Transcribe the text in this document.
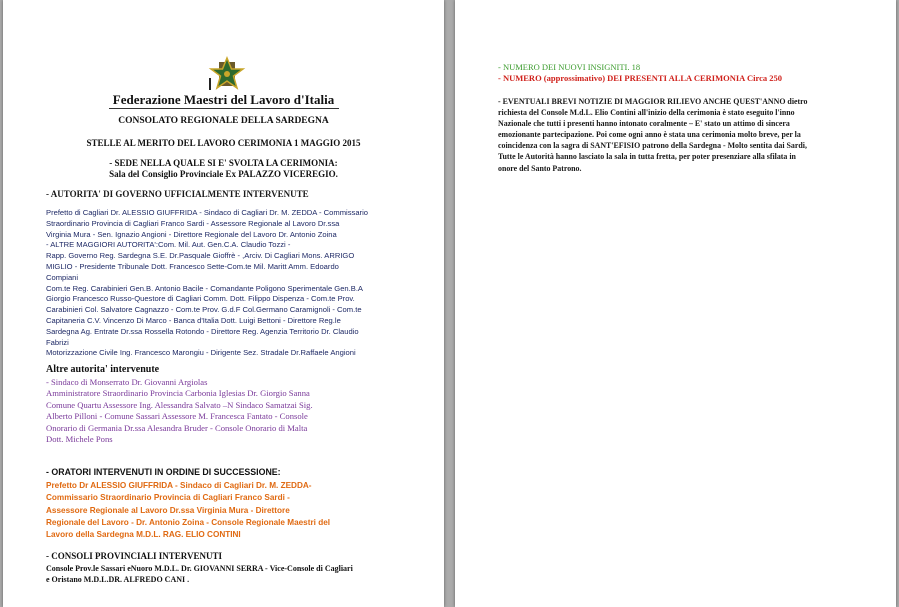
Federazione Maestri del Lavoro d'Italia
CONSOLATO REGIONALE DELLA SARDEGNA
STELLE AL MERITO DEL LAVORO CERIMONIA 1 MAGGIO 2015
- SEDE NELLA QUALE SI E' SVOLTA LA CERIMONIA:
Sala del Consiglio Provinciale Ex PALAZZO VICEREGIO.
- AUTORITA' DI GOVERNO UFFICIALMENTE INTERVENUTE
Prefetto di Cagliari Dr. ALESSIO GIUFFRIDA - Sindaco di Cagliari Dr. M. ZEDDA - Commissario
Straordinario Provincia di Cagliari Franco Sardi - Assessore Regionale al Lavoro Dr.ssa
Virginia Mura - Sen. Ignazio Angioni - Direttore Regionale del Lavoro Dr. Antonio Zoina
- ALTRE MAGGIORI AUTORITA':Com. Mil. Aut. Gen.C.A. Claudio Tozzi -
Rapp. Governo Reg. Sardegna S.E. Dr.Pasquale Gioffrè - ,Arciv. Di Cagliari Mons. ARRIGO
MIGLIO - Presidente Tribunale Dott. Francesco Sette-Com.te Mil. Maritt Amm. Edoardo
Compiani
Com.te Reg. Carabinieri Gen.B. Antonio Bacile - Comandante Poligono Sperimentale Gen.B.A
Giorgio Francesco Russo-Questore di Cagliari Comm. Dott. Filippo Dispenza - Com.te Prov.
Carabinieri Col. Salvatore Cagnazzo - Com.te Prov. G.d.F Col.Germano Caramignoli - Com.te
Capitaneria C.V. Vincenzo Di Marco - Banca d'Italia Dott. Luigi Bettoni - Direttore Reg.le
Sardegna Ag. Entrate Dr.ssa Rossella Rotondo - Direttore Reg. Agenzia Territorio Dr. Claudio
Fabrizi
Motorizzazione Civile Ing. Francesco Marongiu - Dirigente Sez. Stradale Dr.Raffaele Angioni
Altre autorita' intervenute
- Sindaco di Monserrato Dr. Giovanni Argiolas
Amministratore Straordinario Provincia Carbonia Iglesias Dr. Giorgio Sanna
Comune Quartu Assessore Ing. Alessandra Salvato –N Sindaco Samatzai Sig.
Alberto Pilloni - Comune Sassari Assessore M. Francesca Fantato - Console
Onorario di Germania Dr.ssa Alesandra Bruder - Console Onorario di Malta
Dott. Michele Pons
- ORATORI INTERVENUTI IN ORDINE DI SUCCESSIONE:
Prefetto Dr ALESSIO GIUFFRIDA - Sindaco di Cagliari Dr. M. ZEDDA-
Commissario Straordinario Provincia di Cagliari Franco Sardi -
Assessore Regionale al Lavoro Dr.ssa Virginia Mura - Direttore
Regionale del Lavoro - Dr. Antonio Zoina - Console Regionale Maestri del
Lavoro della Sardegna M.D.L. RAG. ELIO CONTINI
- CONSOLI PROVINCIALI INTERVENUTI
Console Prov.le Sassari eNuoro M.D.L. Dr. GIOVANNI SERRA - Vice-Console di Cagliari
e Oristano M.D.L.DR. ALFREDO CANI .
- NUMERO DEI NUOVI INSIGNITI. 18
- NUMERO (approssimativo) DEI PRESENTI ALLA CERIMONIA Circa 250
- EVENTUALI BREVI NOTIZIE DI MAGGIOR RILIEVO ANCHE QUEST'ANNO dietro
richiesta del Console M.d.L. Elio Contini all'inizio della cerimonia è stato eseguito l'inno
Nazionale che tutti i presenti hanno intonato coralmente – E' stato un attimo di sincera
emozionante partecipazione. Poi come ogni anno è stata una cerimonia molto breve, per la
coincidenza con la sagra di SANT'EFISIO patrono della Sardegna - Molto sentita dai Sardi,
Tutte le Autorità hanno lasciato la sala in tutta fretta, per poter presenziare alla sfilata in
onore del Santo Patrono.
